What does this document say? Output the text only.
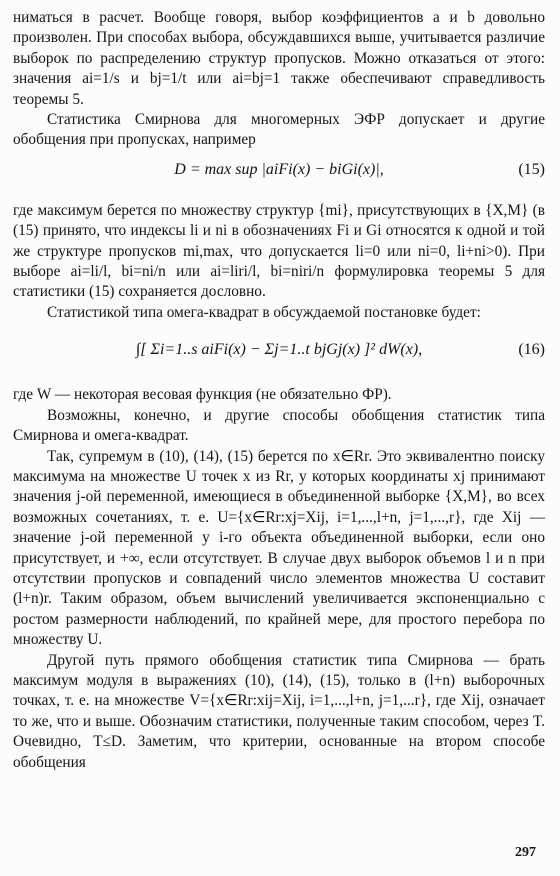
ниматься в расчет. Вообще говоря, выбор коэффициентов a и b довольно произволен. При способах выбора, обсуждавшихся выше, учитывается различие выборок по распределению структур пропусков. Можно отказаться от этого: значения ai=1/s и bj=1/t или ai=bj=1 также обеспечивают справедливость теоремы 5.

Статистика Смирнова для многомерных ЭФР допускает и другие обобщения при пропусках, например

D = max sup |aiFi(x) − biGi(x)|,	(15)

где максимум берется по множеству структур {mi}, присутствующих в {X,M} (в (15) принято, что индексы li и ni в обозначениях Fi и Gi относятся к одной и той же структуре пропусков mi,max, что допускается li=0 или ni=0, li+ni>0). При выборе ai=li/l, bi=ni/n или ai=liri/l, bi=niri/n формулировка теоремы 5 для статистики (15) сохраняется дословно.

Статистикой типа омега-квадрат в обсуждаемой постановке будет:

∫[ Σi=1..s aiFi(x) − Σj=1..t bjGj(x) ]² dW(x),	(16)

где W — некоторая весовая функция (не обязательно ФР).

Возможны, конечно, и другие способы обобщения статистик типа Смирнова и омега-квадрат.

Так, супремум в (10), (14), (15) берется по x∈Rr. Это эквивалентно поиску максимума на множестве U точек x из Rr, у которых координаты xj принимают значения j-ой переменной, имеющиеся в объединенной выборке {X,M}, во всех возможных сочетаниях, т. е. U={x∈Rr:xj=Xij, i=1,...,l+n, j=1,...,r}, где Xij — значение j-ой переменной у i-го объекта объединенной выборки, если оно присутствует, и +∞, если отсутствует. В случае двух выборок объемов l и n при отсутствии пропусков и совпадений число элементов множества U составит (l+n)r. Таким образом, объем вычислений увеличивается экспоненциально с ростом размерности наблюдений, по крайней мере, для простого перебора по множеству U.

Другой путь прямого обобщения статистик типа Смирнова — брать максимум модуля в выражениях (10), (14), (15), только в (l+n) выборочных точках, т. е. на множестве V={x∈Rr:xij=Xij, i=1,...,l+n, j=1,...r}, где Xij, означает то же, что и выше. Обозначим статистики, полученные таким способом, через T. Очевидно, T≤D. Заметим, что критерии, основанные на втором способе обобщения

297
